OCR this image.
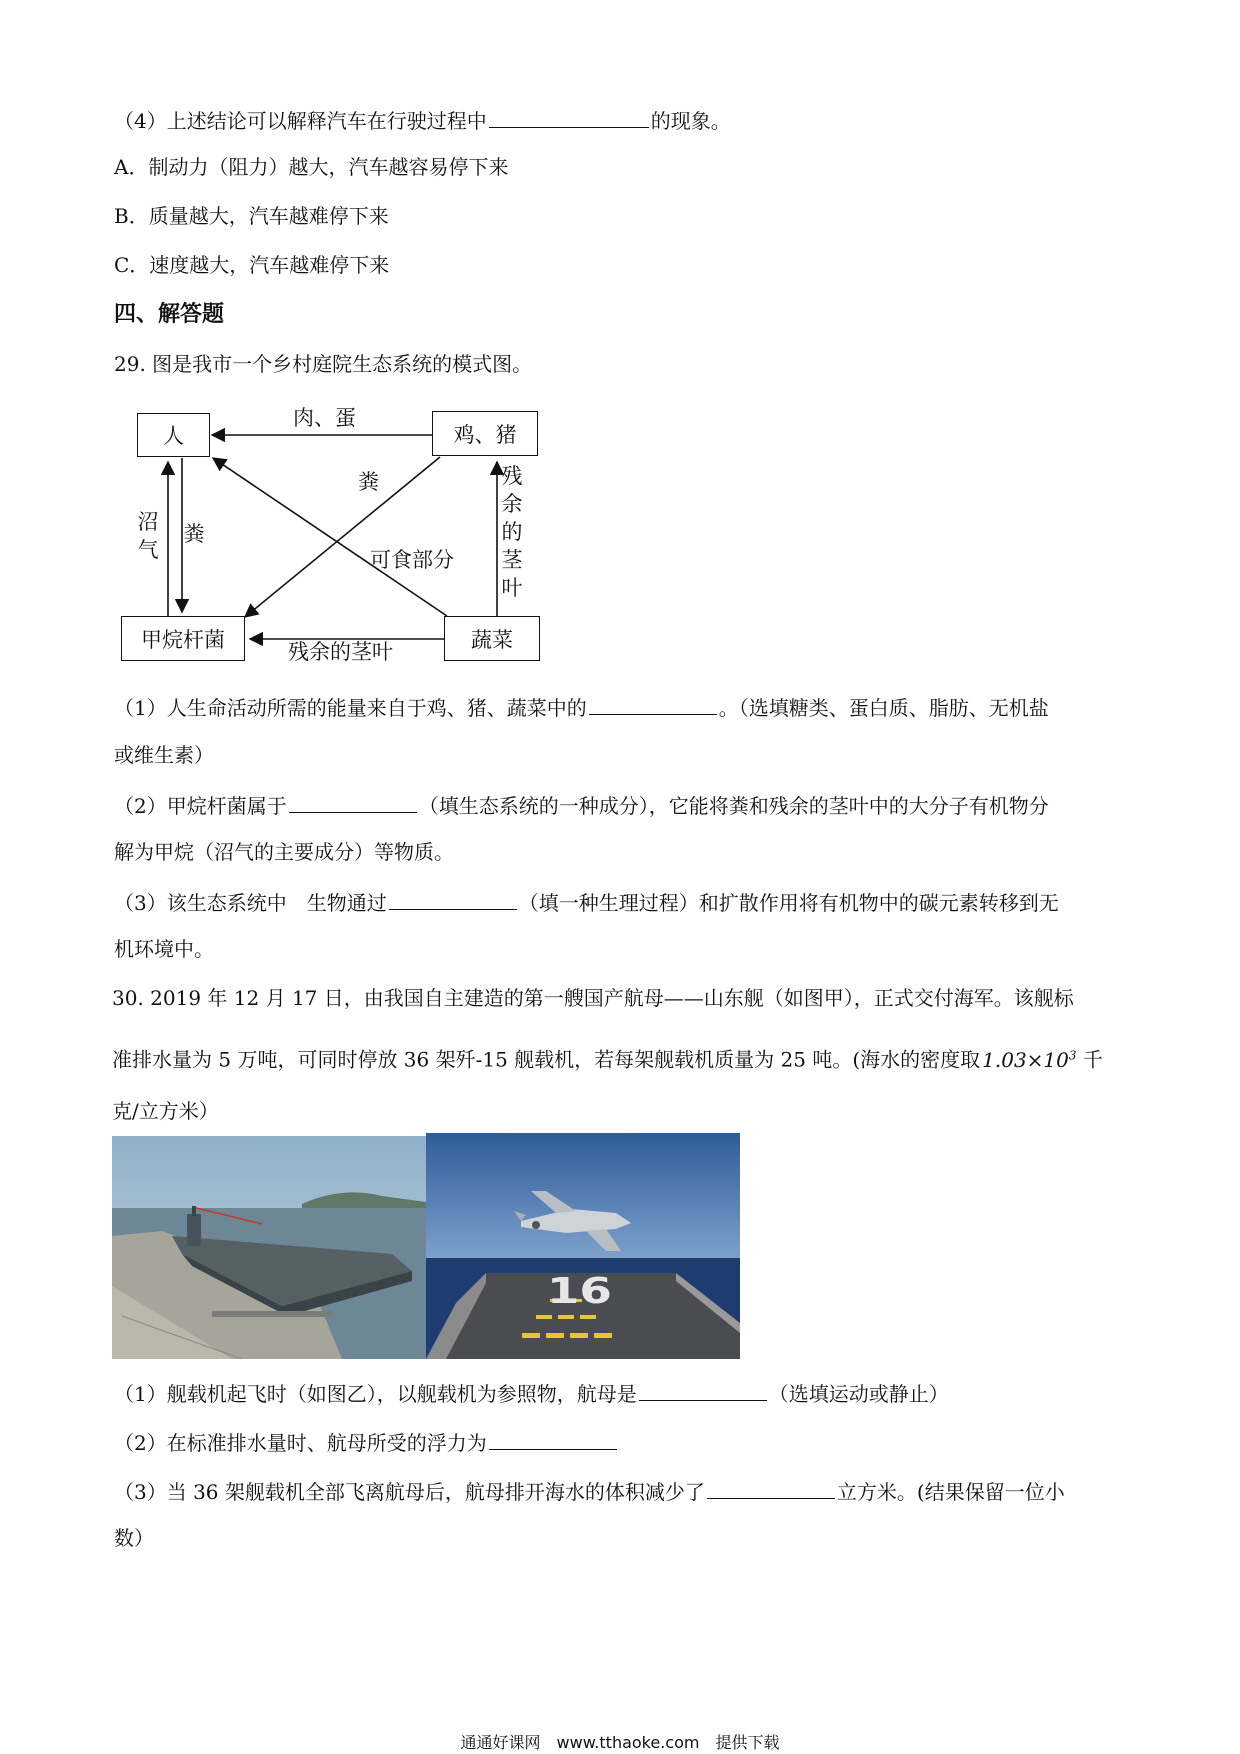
（4）上述结论可以解释汽车在行驶过程中	的现象。
A．制动力（阻力）越大，汽车越容易停下来
B．质量越大，汽车越难停下来
C．速度越大，汽车越难停下来
四、解答题
29. 图是我市一个乡村庭院生态系统的模式图。
人	鸡、猪
甲烷杆菌	蔬菜
肉、蛋
粪
可食部分
沼气
粪
残余的茎叶
残余的茎叶
（1）人生命活动所需的能量来自于鸡、猪、蔬菜中的	。（选填糖类、蛋白质、脂肪、无机盐
或维生素）
（2）甲烷杆菌属于	（填生态系统的一种成分），它能将粪和残余的茎叶中的大分子有机物分
解为甲烷（沼气的主要成分）等物质。
（3）该生态系统中　生物通过	（填一种生理过程）和扩散作用将有机物中的碳元素转移到无
机环境中。
30. 2019 年 12 月 17 日，由我国自主建造的第一艘国产航母——山东舰（如图甲），正式交付海军。该舰标
准排水量为 5 万吨，可同时停放 36 架歼-15 舰载机，若每架舰载机质量为 25 吨。(海水的密度取 $1.03\times 10^3$ 千
克/立方米）
16
（1）舰载机起飞时（如图乙），以舰载机为参照物，航母是	（选填运动或静止）
（2）在标准排水量时、航母所受的浮力为
（3）当 36 架舰载机全部飞离航母后，航母排开海水的体积减少了	立方米。(结果保留一位小
数）
通通好课网　www.tthaoke.com　提供下载
